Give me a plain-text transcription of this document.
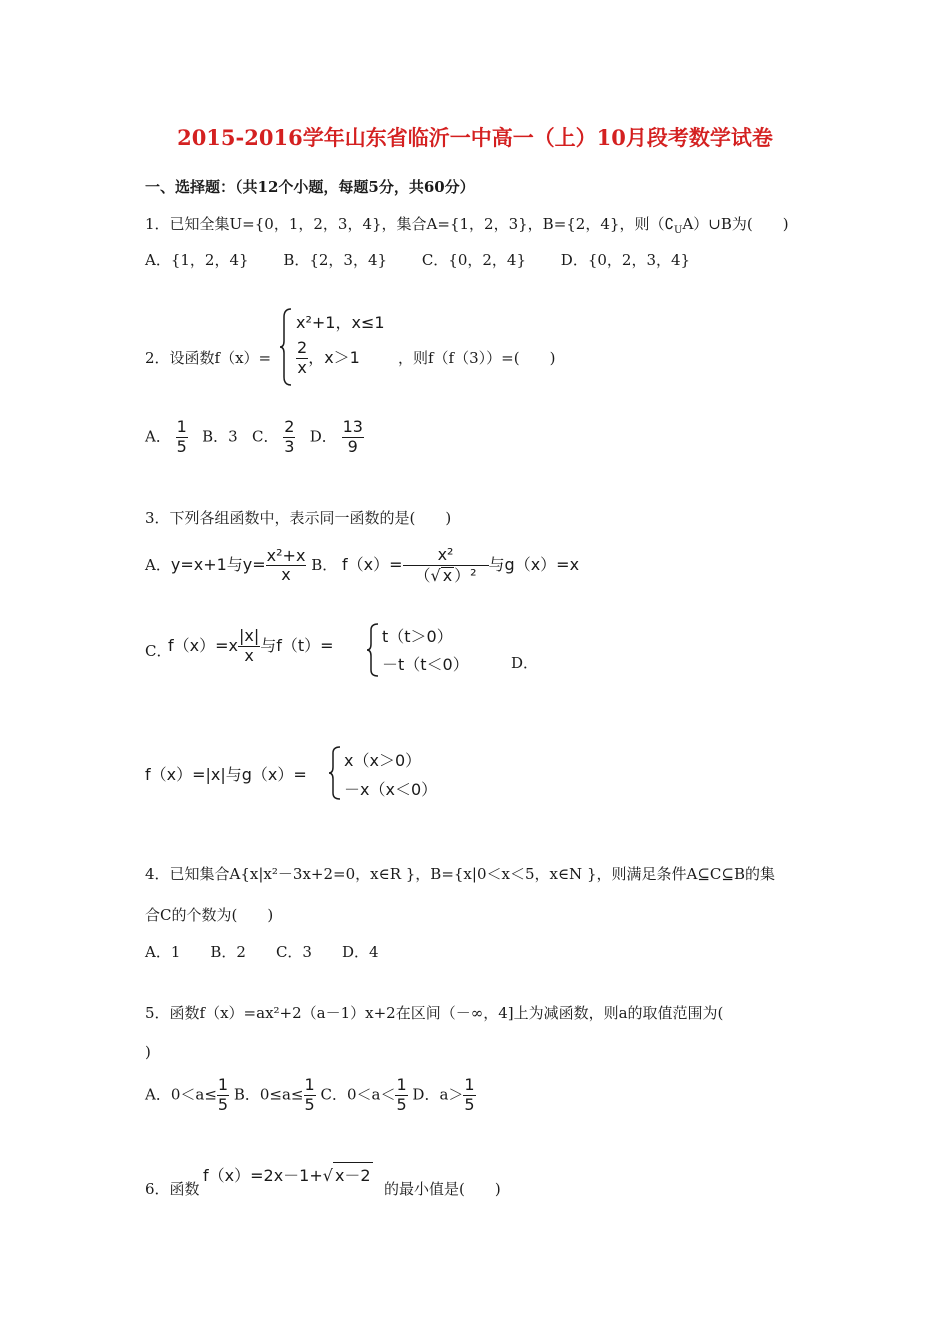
2015-2016学年山东省临沂一中高一（上）10月段考数学试卷
一、选择题：（共12个小题，每题5分，共60分）
1．已知全集U={0，1，2，3，4}，集合A={1，2，3}，B={2，4}，则$(∁_UA)\cup B$为(　　)
A．{1，2，4}　　 B．{2，3，4}　　 C．{0，2，4}　　 D．{0，2，3，4}
2．设函数f（x）=
x²+1，x≤1
$\frac{2}{x}$ ，x＞1	，则f（f（3））=(　　)
A． $\frac{1}{5}$ B．3 C． $\frac{2}{3}$ D． $\frac{13}{9}$
3．下列各组函数中，表示同一函数的是(　　)
A．y=x+1与$y= \frac{\text{x²+x}}{x}$ B． $f(x)= \frac{\text{x²}}{\text{（√ x ）²}}$ 与g（x）=x
C．
$f(x)=x \frac{|x|}{x}$ 与f（t）=	t（t＞0）
－t（t＜0）	D．
f（x）=|x|与g（x）=
x（x＞0）
－x（x＜0）
4．已知集合A{x|x²－3x+2=0，x∈R }，B={x|0＜x＜5，x∈N }，则满足条件A⊆C⊆B的集
合C的个数为(　　)
A．1　　B．2　　C．3　　D．4
5．函数f（x）=ax²+2（a－1）x+2在区间（－∞，4]上为减函数，则a的取值范围为(
)
A．$0<a\le \frac{1}{5}$ B．$0\le a\le \frac{1}{5}$ C．$0<a< \frac{1}{5}$ D．$a> \frac{1}{5}$
6．函数
f（x）=2x－1+√ x－2
的最小值是(　　)
